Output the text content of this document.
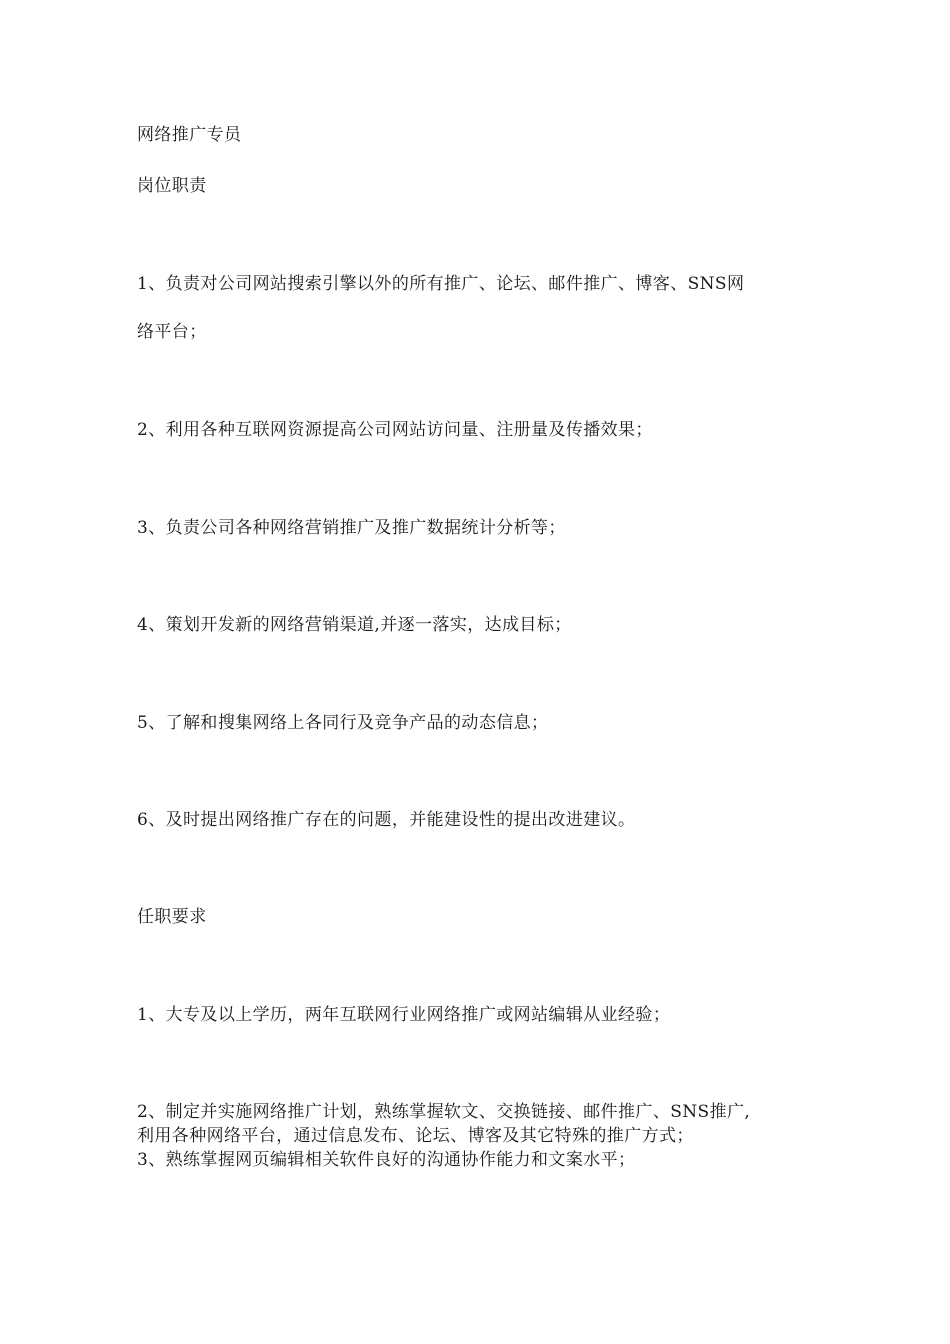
网络推广专员
岗位职责
1、负责对公司网站搜索引擎以外的所有推广、论坛、邮件推广、博客、SNS网
络平台；
2、利用各种互联网资源提高公司网站访问量、注册量及传播效果；
3、负责公司各种网络营销推广及推广数据统计分析等；
4、策划开发新的网络营销渠道,并逐一落实，达成目标；
5、了解和搜集网络上各同行及竞争产品的动态信息；
6、及时提出网络推广存在的问题，并能建设性的提出改进建议。
任职要求
1、大专及以上学历，两年互联网行业网络推广或网站编辑从业经验；
2、制定并实施网络推广计划，熟练掌握软文、交换链接、邮件推广、SNS推广,
利用各种网络平台，通过信息发布、论坛、博客及其它特殊的推广方式；
3、熟练掌握网页编辑相关软件良好的沟通协作能力和文案水平；
